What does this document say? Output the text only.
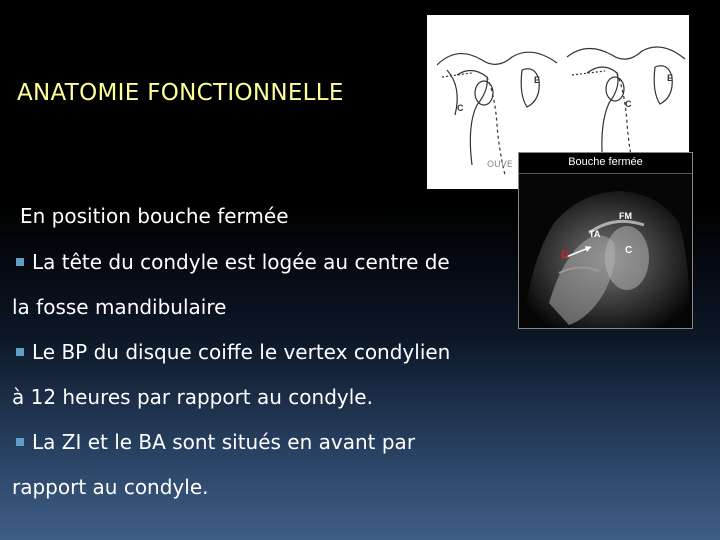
ANATOMIE FONCTIONNELLE
C
E
C
E
OUVE
FM
TA
D	C
Bouche fermée
En position bouche fermée
La tête du condyle est logée au centre de
la fosse mandibulaire
Le BP du disque coiffe le vertex condylien
à 12 heures par rapport au condyle.
La ZI et le BA sont situés en avant par
rapport au condyle.
